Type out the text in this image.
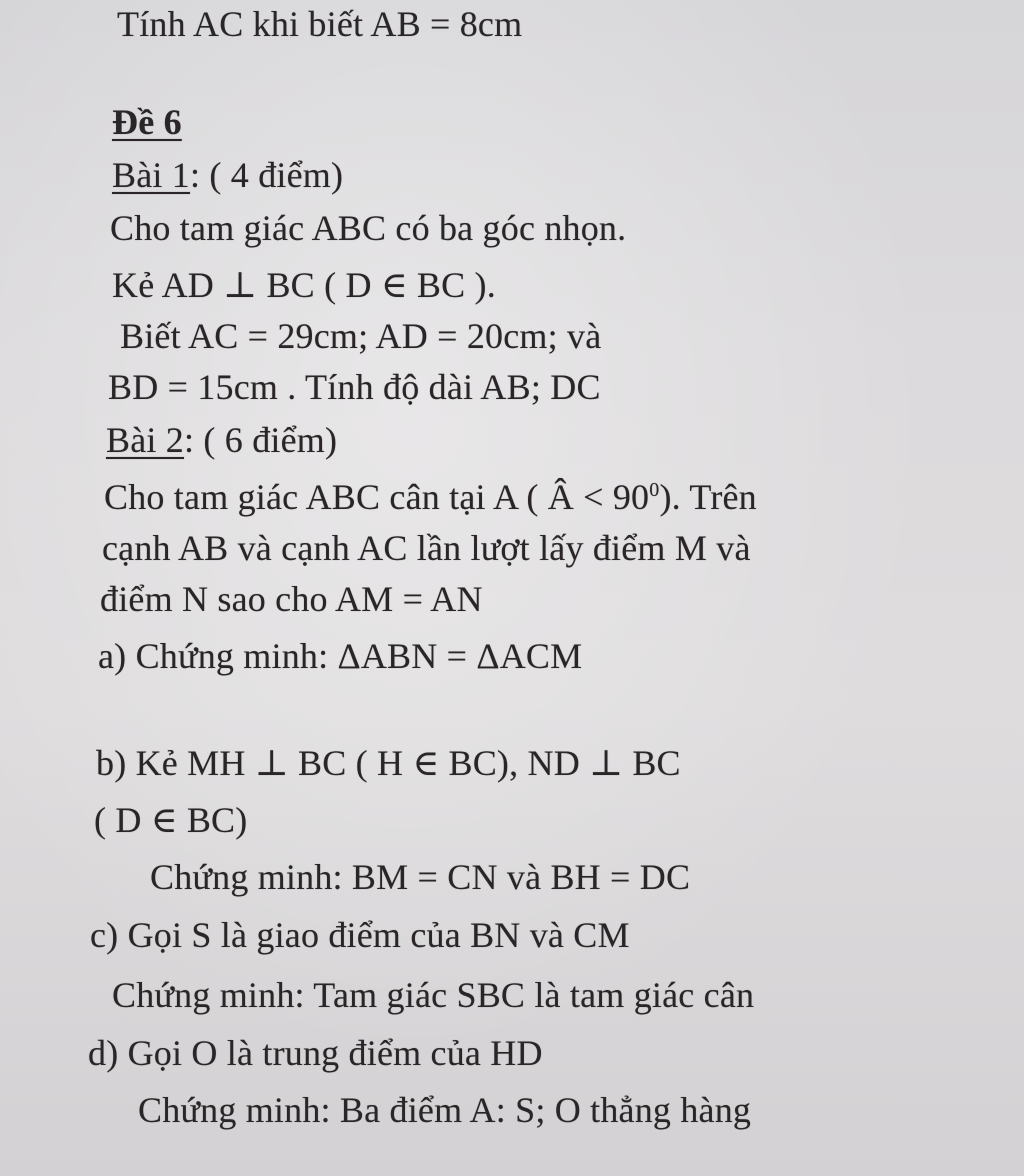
Tính AC khi biết AB = 8cm
Đề 6
Bài 1: ( 4 điểm)
Cho tam giác ABC có ba góc nhọn.
Kẻ AD ⊥ BC ( D ∈ BC ).
Biết AC = 29cm; AD = 20cm; và
BD = 15cm . Tính độ dài AB; DC
Bài 2: ( 6 điểm)
Cho tam giác ABC cân tại A ( Â < $90^0$). Trên
cạnh AB và cạnh AC lần lượt lấy điểm M và
điểm N sao cho AM = AN
a) Chứng minh: ΔABN = ΔACM
b) Kẻ MH ⊥ BC ( H ∈ BC), ND ⊥ BC
( D ∈ BC)
Chứng minh: BM = CN và BH = DC
c) Gọi S là giao điểm của BN và CM
Chứng minh: Tam giác SBC là tam giác cân
d) Gọi O là trung điểm của HD
Chứng minh: Ba điểm A: S; O thẳng hàng
